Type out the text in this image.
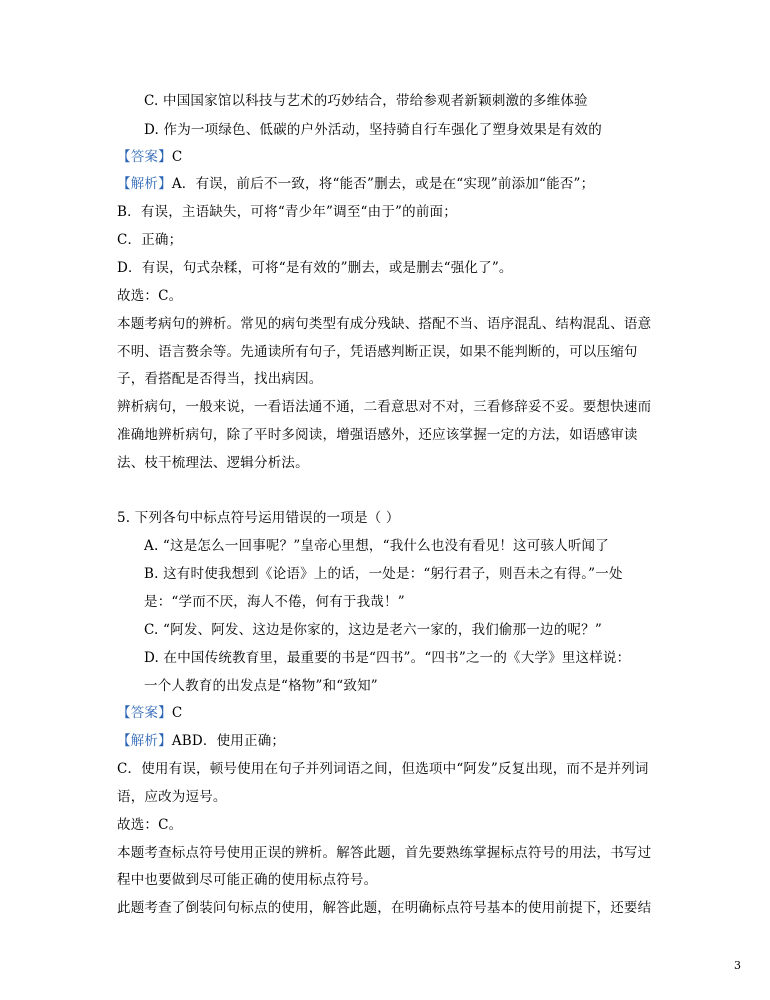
C. 中国国家馆以科技与艺术的巧妙结合，带给参观者新颖刺激的多维体验
D. 作为一项绿色、低碳的户外活动，坚持骑自行车强化了塑身效果是有效的
【答案】C
【解析】A．有误，前后不一致，将“能否”删去，或是在“实现”前添加“能否”；
B．有误，主语缺失，可将“青少年”调至“由于”的前面；
C．正确；
D．有误，句式杂糅，可将“是有效的”删去，或是删去“强化了”。
故选：C。
本题考病句的辨析。常见的病句类型有成分残缺、搭配不当、语序混乱、结构混乱、语意
不明、语言赘余等。先通读所有句子，凭语感判断正误，如果不能判断的，可以压缩句
子，看搭配是否得当，找出病因。
辨析病句，一般来说，一看语法通不通，二看意思对不对，三看修辞妥不妥。要想快速而
准确地辨析病句，除了平时多阅读，增强语感外，还应该掌握一定的方法，如语感审读
法、枝干梳理法、逻辑分析法。
5. 下列各句中标点符号运用错误的一项是（ ）
A. “这是怎么一回事呢？”皇帝心里想，“我什么也没有看见！这可骇人听闻了
B. 这有时使我想到《论语》上的话，一处是：“躬行君子，则吾未之有得。”一处
是：“学而不厌，海人不倦，何有于我哉！”
C. “阿发、阿发、这边是你家的，这边是老六一家的，我们偷那一边的呢？”
D. 在中国传统教育里，最重要的书是“四书”。“四书”之一的《大学》里这样说：
一个人教育的出发点是“格物”和“致知”
【答案】C
【解析】ABD．使用正确；
C．使用有误，顿号使用在句子并列词语之间，但选项中“阿发”反复出现，而不是并列词
语，应改为逗号。
故选：C。
本题考查标点符号使用正误的辨析。解答此题，首先要熟练掌握标点符号的用法，书写过
程中也要做到尽可能正确的使用标点符号。
此题考查了倒装问句标点的使用，解答此题，在明确标点符号基本的使用前提下，还要结
3
